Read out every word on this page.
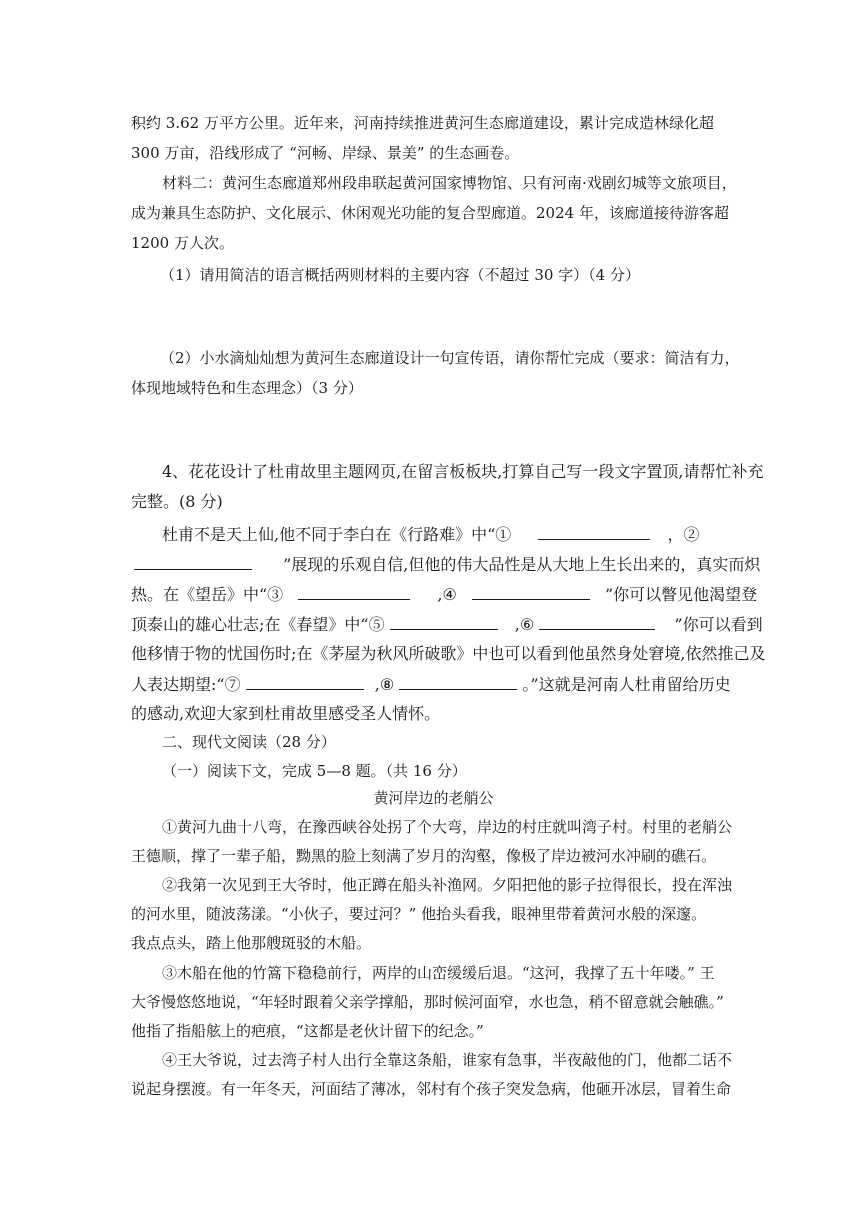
积约 3.62 万平方公里。近年来，河南持续推进黄河生态廊道建设，累计完成造林绿化超
300 万亩，沿线形成了 “河畅、岸绿、景美” 的生态画卷。
材料二：黄河生态廊道郑州段串联起黄河国家博物馆、只有河南·戏剧幻城等文旅项目，
成为兼具生态防护、文化展示、休闲观光功能的复合型廊道。2024 年，该廊道接待游客超
1200 万人次。
（1）请用简洁的语言概括两则材料的主要内容（不超过 30 字）（4 分）
（2）小水滴灿灿想为黄河生态廊道设计一句宣传语，请你帮忙完成（要求：简洁有力，
体现地域特色和生态理念）（3 分）
4、花花设计了杜甫故里主题网页,在留言板板块,打算自己写一段文字置顶,请帮忙补充
完整。(8 分)
杜甫不是天上仙,他不同于李白在《行路难》中“①	，②
”展现的乐观自信,但他的伟大品性是从大地上生长出来的，真实而炽
热。在《望岳》中“③	,④	”你可以瞥见他渴望登
顶泰山的雄心壮志;在《春望》中“⑤	,⑥	”你可以看到
他移情于物的忧国伤时;在《茅屋为秋风所破歌》中也可以看到他虽然身处窘境,依然推己及
人表达期望:“⑦	,⑧	。”这就是河南人杜甫留给历史
的感动,欢迎大家到杜甫故里感受圣人情怀。
二、现代文阅读（28 分）
（一）阅读下文，完成 5—8 题。（共 16 分）
黄河岸边的老艄公
①黄河九曲十八弯，在豫西峡谷处拐了个大弯，岸边的村庄就叫湾子村。村里的老艄公
王德顺，撑了一辈子船，黝黑的脸上刻满了岁月的沟壑，像极了岸边被河水冲刷的礁石。
②我第一次见到王大爷时，他正蹲在船头补渔网。夕阳把他的影子拉得很长，投在浑浊
的河水里，随波荡漾。“小伙子，要过河？” 他抬头看我，眼神里带着黄河水般的深邃。
我点点头，踏上他那艘斑驳的木船。
③木船在他的竹篙下稳稳前行，两岸的山峦缓缓后退。“这河，我撑了五十年喽。” 王
大爷慢悠悠地说，“年轻时跟着父亲学撑船，那时候河面窄，水也急，稍不留意就会触礁。”
他指了指船舷上的疤痕，“这都是老伙计留下的纪念。”
④王大爷说，过去湾子村人出行全靠这条船，谁家有急事，半夜敲他的门，他都二话不
说起身摆渡。有一年冬天，河面结了薄冰，邻村有个孩子突发急病，他砸开冰层，冒着生命
